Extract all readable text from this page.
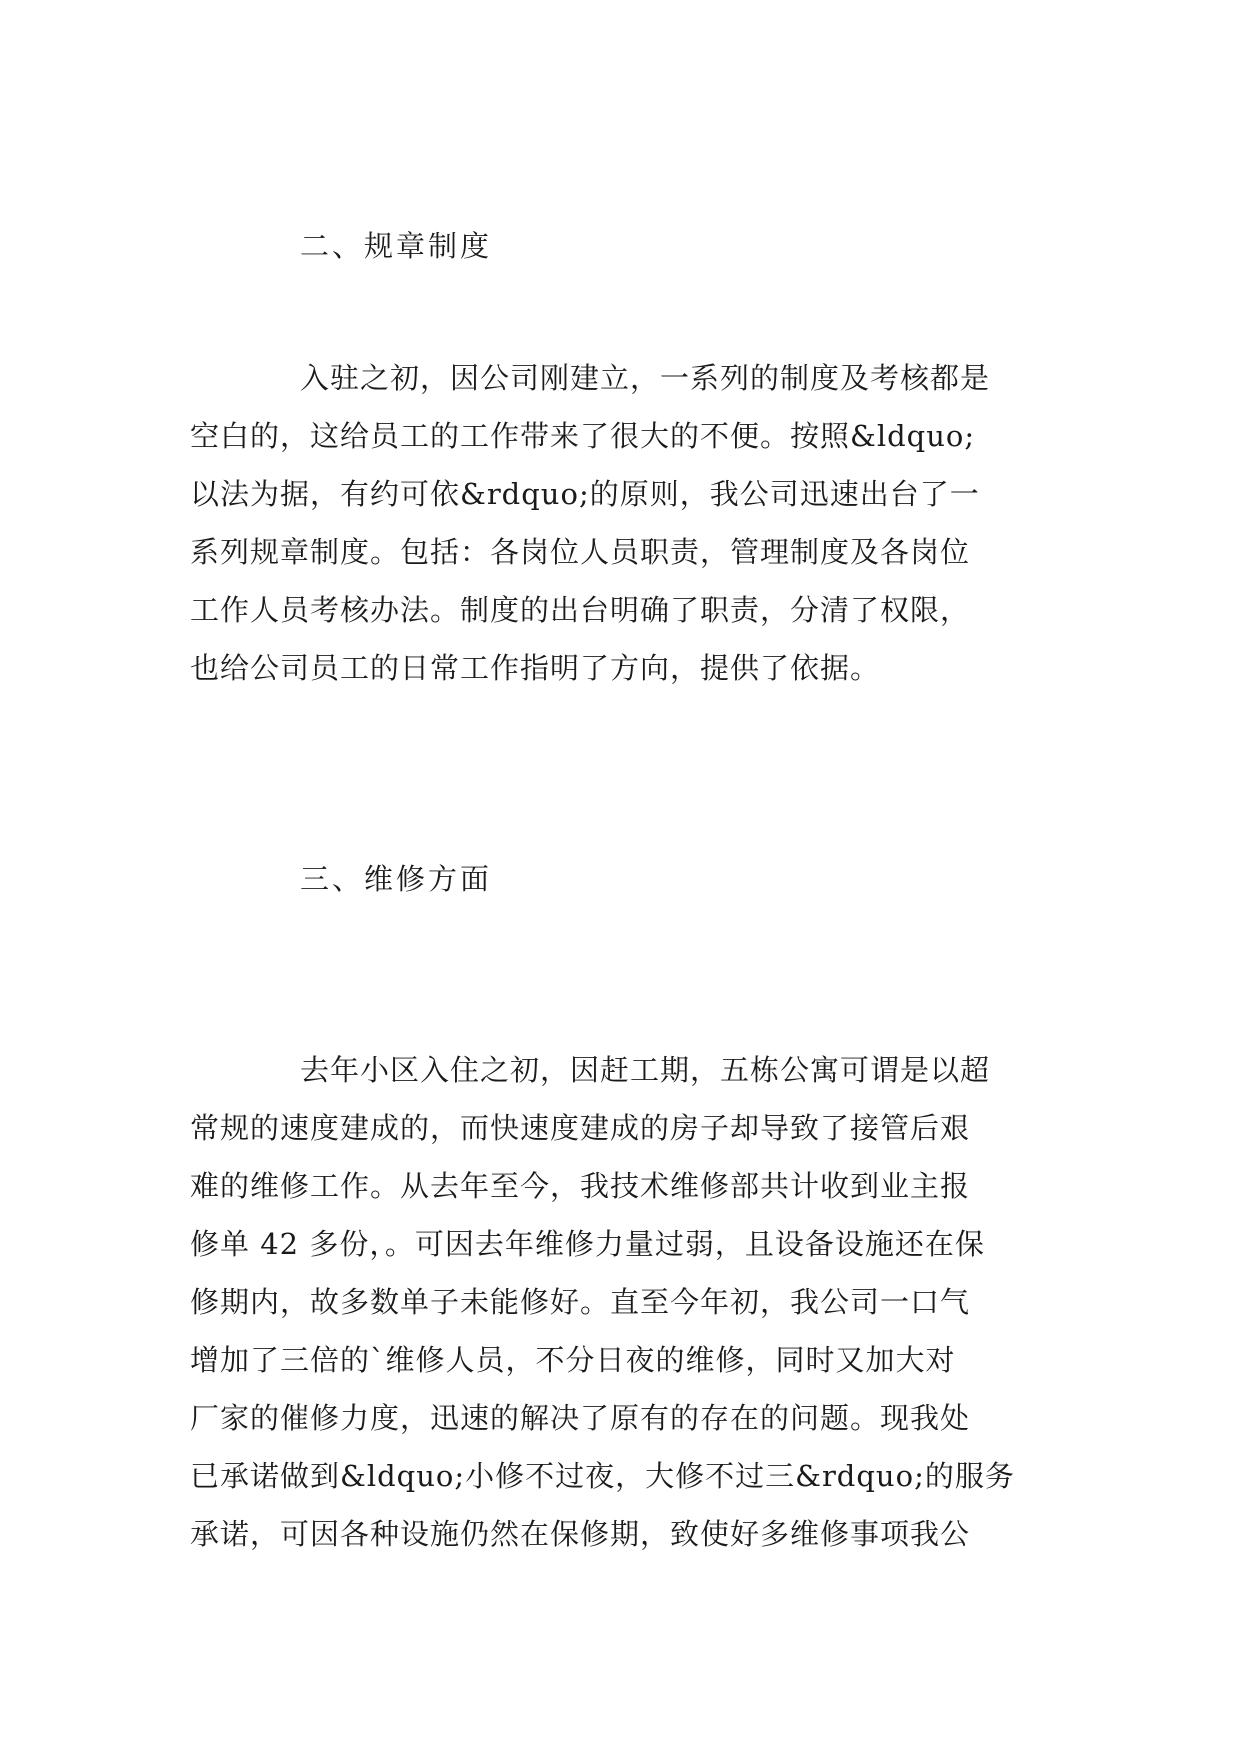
二、规章制度
入驻之初，因公司刚建立，一系列的制度及考核都是
空白的，这给员工的工作带来了很大的不便。按照&ldquo;
以法为据，有约可依&rdquo;的原则，我公司迅速出台了一
系列规章制度。包括：各岗位人员职责，管理制度及各岗位
工作人员考核办法。制度的出台明确了职责，分清了权限，
也给公司员工的日常工作指明了方向，提供了依据。
三、维修方面
去年小区入住之初，因赶工期，五栋公寓可谓是以超
常规的速度建成的，而快速度建成的房子却导致了接管后艰
难的维修工作。从去年至今，我技术维修部共计收到业主报
修单 42 多份，。可因去年维修力量过弱，且设备设施还在保
修期内，故多数单子未能修好。直至今年初，我公司一口气
增加了三倍的`维修人员，不分日夜的维修，同时又加大对
厂家的催修力度，迅速的解决了原有的存在的问题。现我处
已承诺做到&ldquo;小修不过夜，大修不过三&rdquo;的服务
承诺，可因各种设施仍然在保修期，致使好多维修事项我公
